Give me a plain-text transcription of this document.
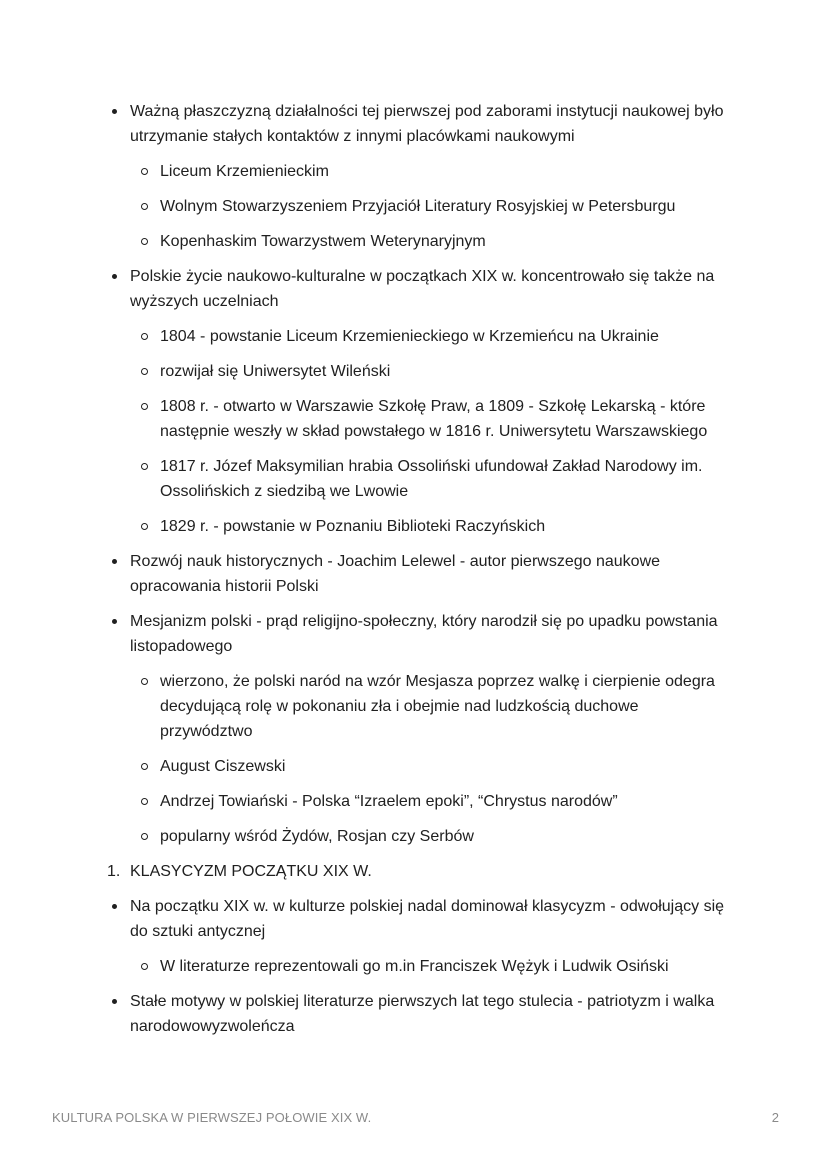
Ważną płaszczyzną działalności tej pierwszej pod zaborami instytucji naukowej było utrzymanie stałych kontaktów z innymi placówkami naukowymi
Liceum Krzemienieckim
Wolnym Stowarzyszeniem Przyjaciół Literatury Rosyjskiej w Petersburgu
Kopenhaskim Towarzystwem Weterynaryjnym
Polskie życie naukowo-kulturalne w początkach XIX w. koncentrowało się także na wyższych uczelniach
1804 - powstanie Liceum Krzemienieckiego w Krzemieńcu na Ukrainie
rozwijał się Uniwersytet Wileński
1808 r. - otwarto w Warszawie Szkołę Praw, a 1809 - Szkołę Lekarską - które następnie weszły w skład powstałego w 1816 r. Uniwersytetu Warszawskiego
1817 r. Józef Maksymilian hrabia Ossoliński ufundował Zakład Narodowy im. Ossolińskich z siedzibą we Lwowie
1829 r. - powstanie w Poznaniu Biblioteki Raczyńskich
Rozwój nauk historycznych - Joachim Lelewel - autor pierwszego naukowe opracowania historii Polski
Mesjanizm polski - prąd religijno-społeczny, który narodził się po upadku powstania listopadowego
wierzono, że polski naród na wzór Mesjasza poprzez walkę i cierpienie odegra decydującą rolę w pokonaniu zła i obejmie nad ludzkością duchowe przywództwo
August Ciszewski
Andrzej Towiański - Polska “Izraelem epoki”, “Chrystus narodów”
popularny wśród Żydów, Rosjan czy Serbów
1. KLASYCYZM POCZĄTKU XIX W.
Na początku XIX w. w kulturze polskiej nadal dominował klasycyzm - odwołujący się do sztuki antycznej
W literaturze reprezentowali go m.in Franciszek Wężyk i Ludwik Osiński
Stałe motywy w polskiej literaturze pierwszych lat tego stulecia - patriotyzm i walka narodowowyzwoleńcza
KULTURA POLSKA W PIERWSZEJ POŁOWIE XIX W.	2
